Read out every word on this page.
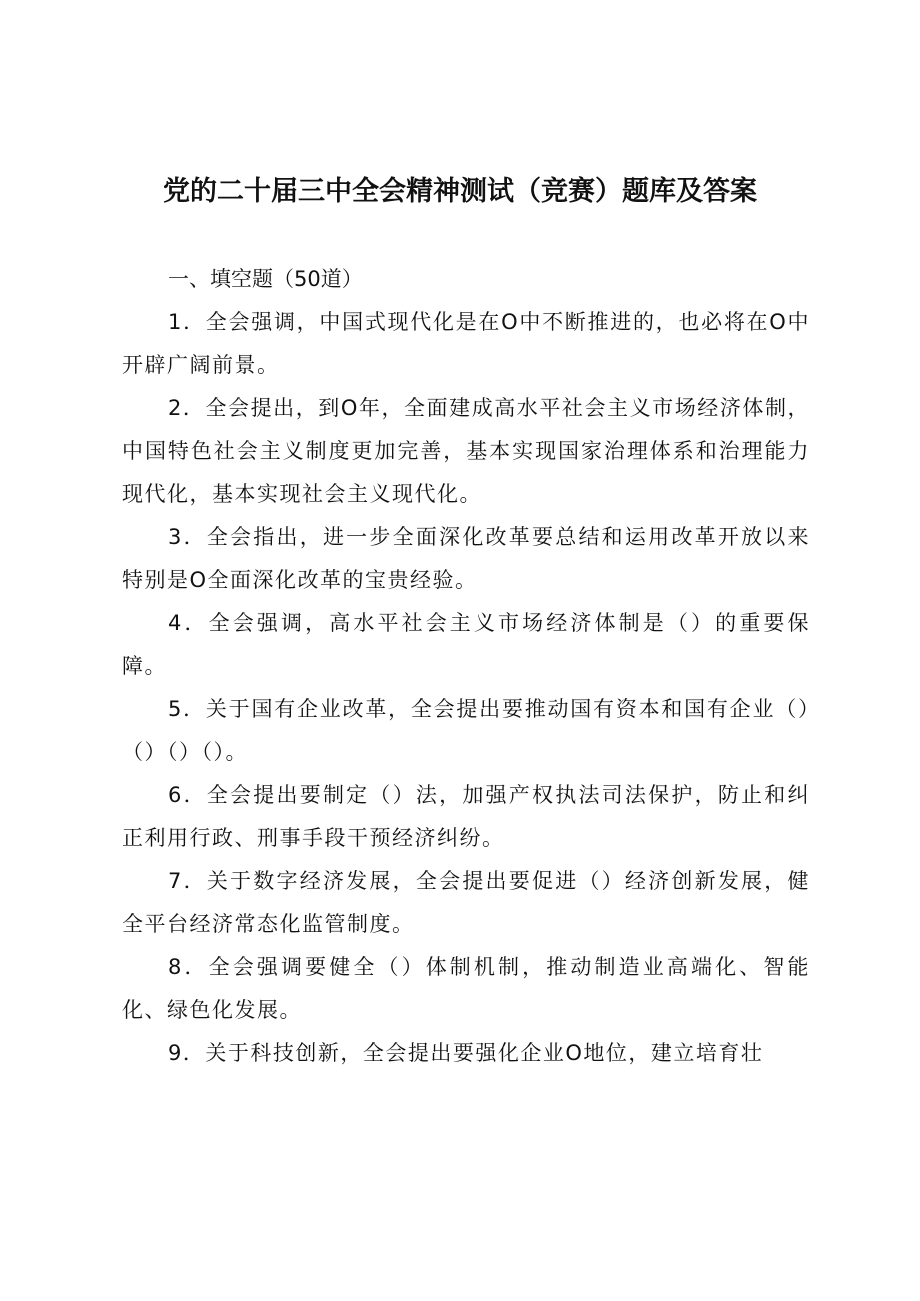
党的二十届三中全会精神测试（竞赛）题库及答案

一、填空题（50道）

1．全会强调，中国式现代化是在O中不断推进的，也必将在O中开辟广阔前景。

2．全会提出，到O年，全面建成高水平社会主义市场经济体制，中国特色社会主义制度更加完善，基本实现国家治理体系和治理能力现代化，基本实现社会主义现代化。

3．全会指出，进一步全面深化改革要总结和运用改革开放以来特别是O全面深化改革的宝贵经验。

4．全会强调，高水平社会主义市场经济体制是（）的重要保障。

5．关于国有企业改革，全会提出要推动国有资本和国有企业（）（）（）（）。

6．全会提出要制定（）法，加强产权执法司法保护，防止和纠正利用行政、刑事手段干预经济纠纷。

7．关于数字经济发展，全会提出要促进（）经济创新发展，健全平台经济常态化监管制度。

8．全会强调要健全（）体制机制，推动制造业高端化、智能化、绿色化发展。

9．关于科技创新，全会提出要强化企业O地位，建立培育壮
